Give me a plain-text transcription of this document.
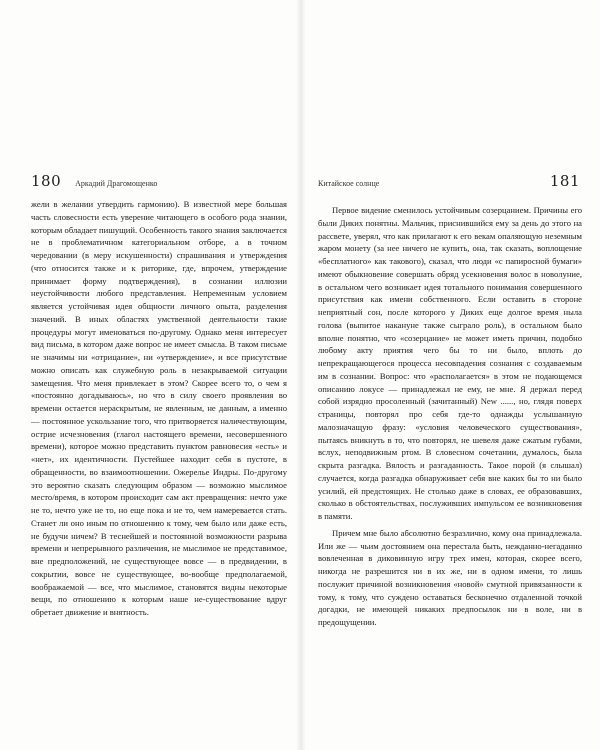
180 Аркадий Драгомощенко

жели в желании утвердить гармонию). В известной мере большая часть словесности есть уверение читающего в особого рода знании, которым обладает пишущий. Особенность такого знания заключается не в проблематичном категориальном отборе, а в точном чередовании (в меру искушенности) спрашивания и утверждения (что относится также и к риторике, где, впрочем, утверждение принимает форму подтверждения), в сознании иллюзии неустойчивости любого представления. Непременным условием является устойчивая идея общности личного опыта, разделения значений. В иных областях умственной деятельности такие процедуры могут именоваться по-другому. Однако меня интересует вид письма, в котором даже вопрос не имеет смысла. В таком письме не значимы ни «отрицание», ни «утверждение», и все присутствие можно описать как служебную роль в незакрываемой ситуации замещения. Что меня привлекает в этом? Скорее всего то, о чем я «постоянно догадываюсь», но что в силу своего проявления во времени остается нераскрытым, не явленным, не данным, а именно — постоянное ускользание того, что притворяется наличествующим, острие исчезновения (глагол настоящего времени, несовершенного времени), которое можно представить пунктом равновесия «есть» и «нет», их идентичности. Пустейшее находит себя в пустоте, в обращенности, во взаимоотношении. Ожерелье Индры. По-другому это вероятно сказать следующим образом — возможно мыслимое место/время, в котором происходит сам акт превращения: нечто уже не то, нечто уже не то, но еще пока и не то, чем намеревается стать. Станет ли оно иным по отношению к тому, чем было или даже есть, не будучи ничем? В теснейшей и постоянной возможности разрыва времени и непрерывного различения, не мыслимое не представимое, вне предположений, не существующее вовсе — в предвидении, в сокрытии, вовсе не существующее, во-вообще предполагаемой, воображаемой — все, что мыслимое, становятся видны некоторые вещи, по отношению к которым наше не-существование вдруг обретает движение и внятность.

Китайское солнце	181

Первое видение сменилось устойчивым созерцанием. Причины его были Диких понятны. Мальчик, приснившийся ему за день до этого на рассвете, уверял, что как прилагают к его векам опаляющую неземным жаром монету (за нее ничего не купить, она, так сказать, воплощение «бесплатного» как такового), сказал, что люди «с папиросной бумаги» имеют обыкновение совершать обряд усекновения волос в новолуние, в остальном чего возникает идея тотального понимания совершенного присутствия как имени собственного. Если оставить в стороне неприятный сон, после которого у Диких еще долгое время ныла голова (выпитое накануне также сыграло роль), в остальном было вполне понятно, что «созерцание» не может иметь причин, подобно любому акту приятия чего бы то ни было, вплоть до непрекращающегося процесса несовпадения сознания с создаваемым им в сознании. Вопрос: что «располагается» в этом не подающемся описанию локусе — принадлежал не ему, не мне. Я держал перед собой изрядно просоленный (зачитанный) New ......, но, глядя поверх страницы, повторял про себя где-то однажды услышанную малозначащую фразу: «условия человеческого существования», пытаясь вникнуть в то, что повторял, не шевеля даже сжатым губами, вслух, неподвижным ртом. В словесном сочетании, думалось, была скрыта разгадка. Вялость и разгаданность. Такое порой (я слышал) случается, когда разгадка обнаруживает себя вне каких бы то ни было усилий, ей предстоящих. Не столько даже в словах, ее образовавших, сколько в обстоятельствах, послуживших импульсом ее возникновения в памяти.

Причем мне было абсолютно безразлично, кому она принадлежала. Или же — чьим достоянием она перестала быть, нежданно-негаданно вовлеченная в диковинную игру трех имен, которая, скорее всего, никогда не разрешится ни в их же, ни в одном имени, то лишь послужит причиной возникновения «новой» смутной привязанности к тому, к тому, что суждено оставаться бесконечно отдаленной точкой догадки, не имеющей никаких предпосылок ни в воле, ни в предощущении.
